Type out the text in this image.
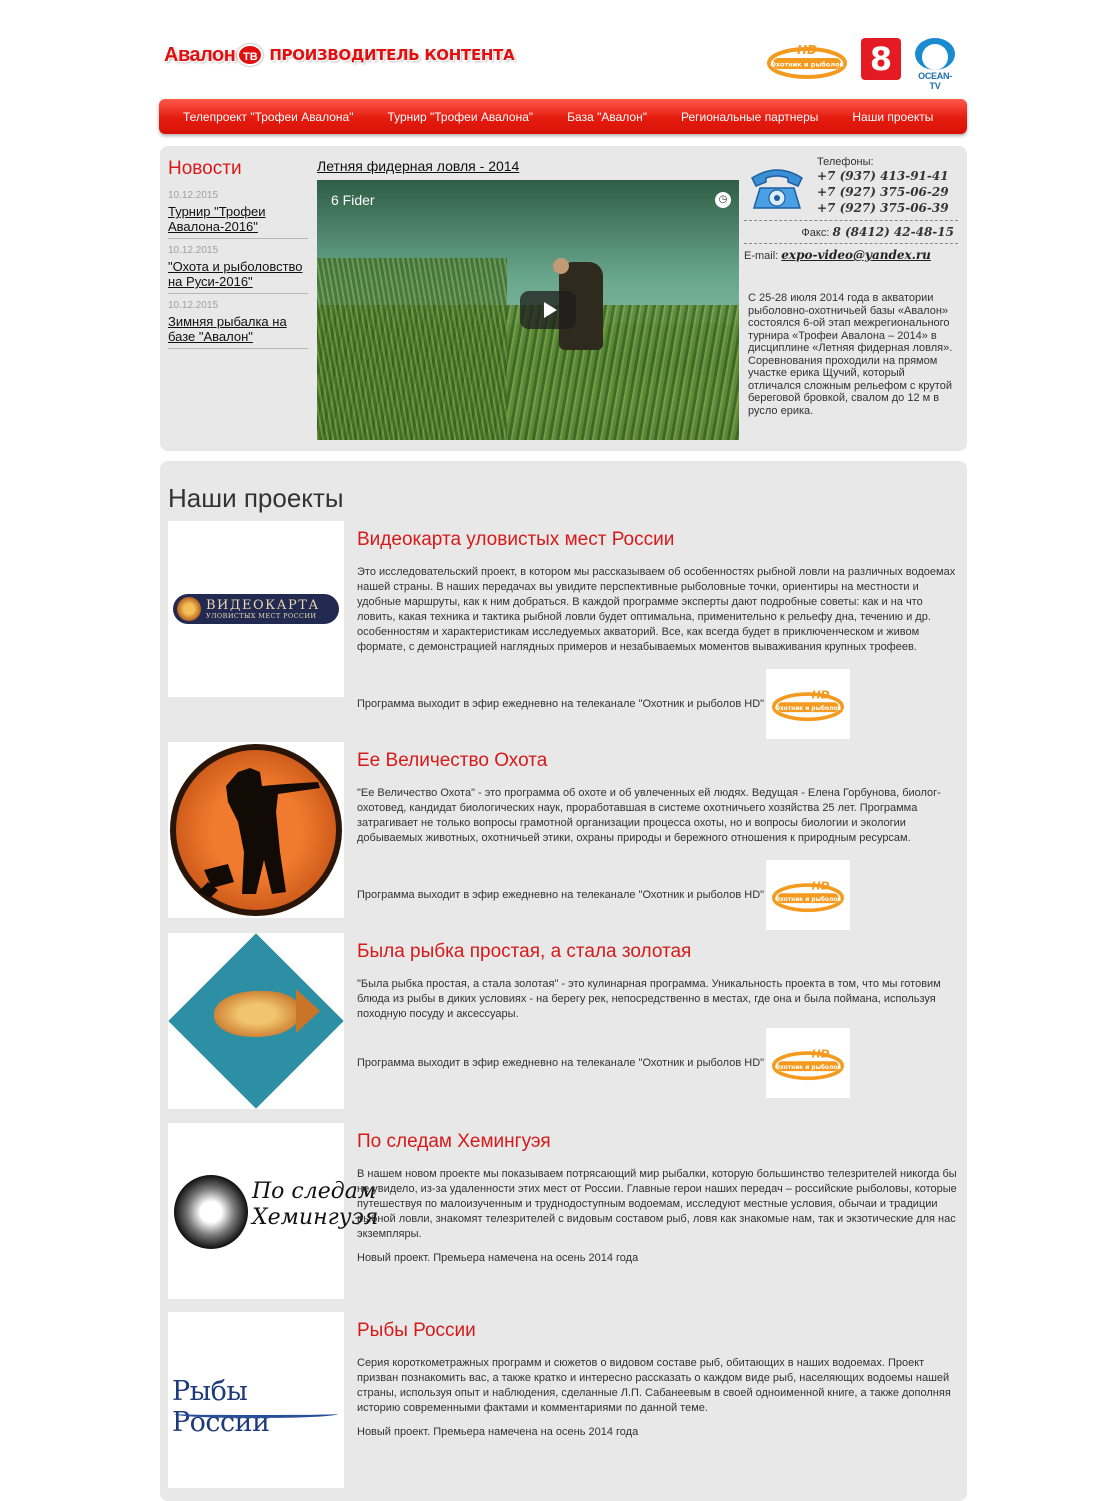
Авалон ТВ ПРОИЗВОДИТЕЛЬ КОНТЕНТА	HD
Охотник и рыболов 8	OCEAN-TV
Телепроект "Трофеи Авалона"	Турнир "Трофеи Авалона"	База "Авалон"	Региональные партнеры	Наши проекты
Новости
10.12.2015
Турнир "Трофеи Авалона-2016"
10.12.2015
"Охота и рыболовство на Руси-2016"
10.12.2015
Зимняя рыбалка на базе "Авалон"
Летняя фидерная ловля - 2014
6 Fider	◷
Телефоны:
+7 (937) 413-91-41
+7 (927) 375-06-29
+7 (927) 375-06-39
Факс: 8 (8412) 42-48-15
E-mail: expo-video@yandex.ru
С 25-28 июля 2014 года в акватории рыболовно-охотничьей базы «Авалон» состоялся 6-ой этап межрегионального турнира «Трофеи Авалона – 2014» в дисциплине «Летняя фидерная ловля». Соревнования проходили на прямом участке ерика Щучий, который отличался сложным рельефом с крутой береговой бровкой, свалом до 12 м в русло ерика.
Наши проекты
ВИДЕОКАРТА
УЛОВИСТЫХ МЕСТ РОССИИ
Видеокарта уловистых мест России
Это исследовательский проект, в котором мы рассказываем об особенностях рыбной ловли на различных водоемах нашей страны. В наших передачах вы увидите перспективные рыболовные точки, ориентиры на местности и удобные маршруты, как к ним добраться. В каждой программе эксперты дают подробные советы: как и на что ловить, какая техника и тактика рыбной ловли будет оптимальна, применительно к рельефу дна, течению и др. особенностям и характеристикам исследуемых акваторий. Все, как всегда будет в приключенческом и живом формате, с демонстрацией наглядных примеров и незабываемых моментов вываживания крупных трофеев.
Программа выходит в эфир ежедневно на телеканале "Охотник и рыболов HD"
HD
Охотник и рыболов
Ее Величество Охота
"Ее Величество Охота" - это программа об охоте и об увлеченных ей людях. Ведущая - Елена Горбунова, биолог-охотовед, кандидат биологических наук, проработавшая в системе охотничьего хозяйства 25 лет. Программа затрагивает не только вопросы грамотной организации процесса охоты, но и вопросы биологии и экологии добываемых животных, охотничьей этики, охраны природы и бережного отношения к природным ресурсам.
Программа выходит в эфир ежедневно на телеканале "Охотник и рыболов HD"
HD
Охотник и рыболов
Была рыбка простая, а стала золотая
"Была рыбка простая, а стала золотая" - это кулинарная программа. Уникальность проекта в том, что мы готовим блюда из рыбы в диких условиях - на берегу рек, непосредственно в местах, где она и была поймана, используя походную посуду и аксессуары.
Программа выходит в эфир ежедневно на телеканале "Охотник и рыболов HD"
HD
Охотник и рыболов
По следам
Хемингуэя
По следам Хемингуэя
В нашем новом проекте мы показываем потрясающий мир рыбалки, которую большинство телезрителей никогда бы не увидело, из-за удаленности этих мест от России. Главные герои наших передач – российские рыболовы, которые путешествуя по малоизученным и труднодоступным водоемам, исследуют местные условия, обычаи и традиции рыбной ловли, знакомят телезрителей с видовым составом рыб, ловя как знакомые нам, так и экзотические для нас экземпляры.
Новый проект. Премьера намечена на осень 2014 года
Рыбы России
Рыбы России
Серия короткометражных программ и сюжетов о видовом составе рыб, обитающих в наших водоемах. Проект призван познакомить вас, а также кратко и интересно рассказать о каждом виде рыб, населяющих водоемы нашей страны, используя опыт и наблюдения, сделанные Л.П. Сабанеевым в своей одноименной книге, а также дополняя историю современными фактами и комментариями по данной теме.
Новый проект. Премьера намечена на осень 2014 года
